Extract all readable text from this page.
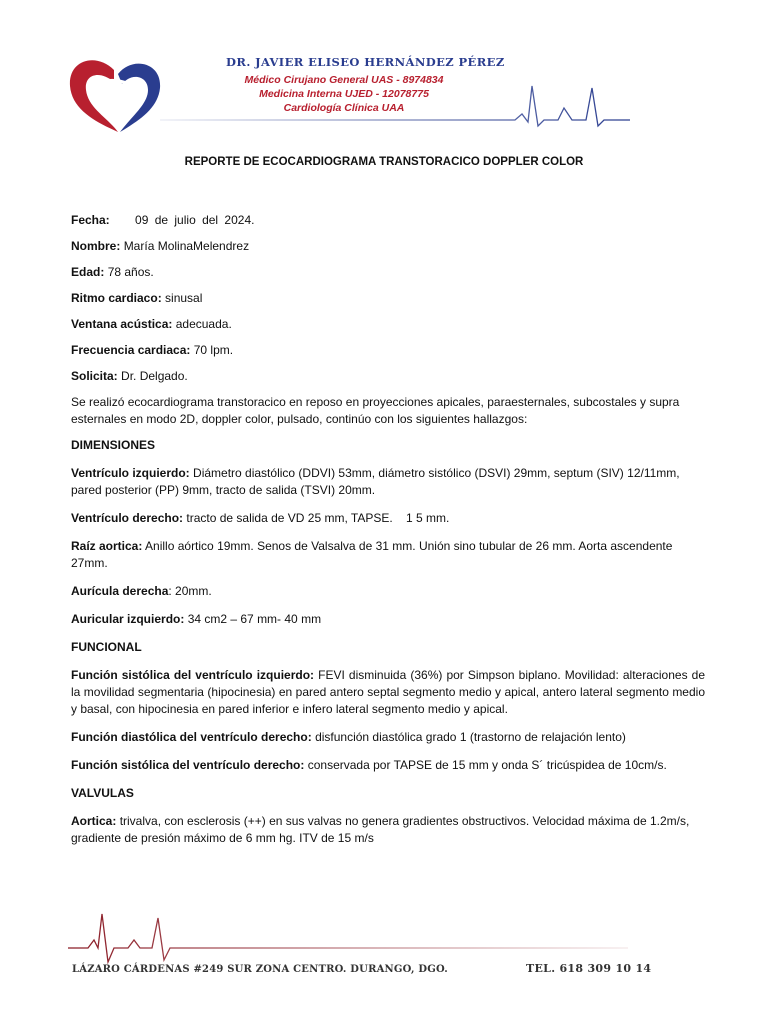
DR. JAVIER ELISEO HERNÁNDEZ PÉREZ
Médico Cirujano General UAS - 8974834
Medicina Interna UJED - 12078775
Cardiología Clínica UAA
REPORTE DE ECOCARDIOGRAMA TRANSTORACICO DOPPLER COLOR

Fecha: 09 de julio del 2024.

Nombre: María MolinaMelendrez

Edad: 78 años.

Ritmo cardiaco: sinusal

Ventana acústica: adecuada.

Frecuencia cardiaca: 70 lpm.

Solicita: Dr. Delgado.

Se realizó ecocardiograma transtoracico en reposo en proyecciones apicales, paraesternales, subcostales y supra esternales en modo 2D, doppler color, pulsado, continúo con los siguientes hallazgos:

DIMENSIONES

Ventrículo izquierdo: Diámetro diastólico (DDVI) 53mm, diámetro sistólico (DSVI) 29mm, septum (SIV) 12/11mm, pared posterior (PP) 9mm, tracto de salida (TSVI) 20mm.

Ventrículo derecho: tracto de salida de VD 25 mm, TAPSE.    1 5 mm.

Raíz aortica: Anillo aórtico 19mm. Senos de Valsalva de 31 mm. Unión sino tubular de 26 mm. Aorta ascendente 27mm.

Aurícula derecha: 20mm.

Auricular izquierdo: 34 cm2 – 67 mm- 40 mm

FUNCIONAL

Función sistólica del ventrículo izquierdo: FEVI disminuida (36%) por Simpson biplano. Movilidad: alteraciones de la movilidad segmentaria (hipocinesia) en pared antero septal segmento medio y apical, antero lateral segmento medio y basal, con hipocinesia en pared inferior e infero lateral segmento medio y apical.

Función diastólica del ventrículo derecho: disfunción diastólica grado 1 (trastorno de relajación lento)

Función sistólica del ventrículo derecho: conservada por TAPSE de 15 mm y onda S´ tricúspidea de 10cm/s.

VALVULAS

Aortica: trivalva, con esclerosis (++) en sus valvas no genera gradientes obstructivos. Velocidad máxima de 1.2m/s, gradiente de presión máximo de 6 mm hg. ITV de 15 m/s

LÁZARO CÁRDENAS #249 SUR ZONA CENTRO. DURANGO, DGO.	TEL. 618 309 10 14
